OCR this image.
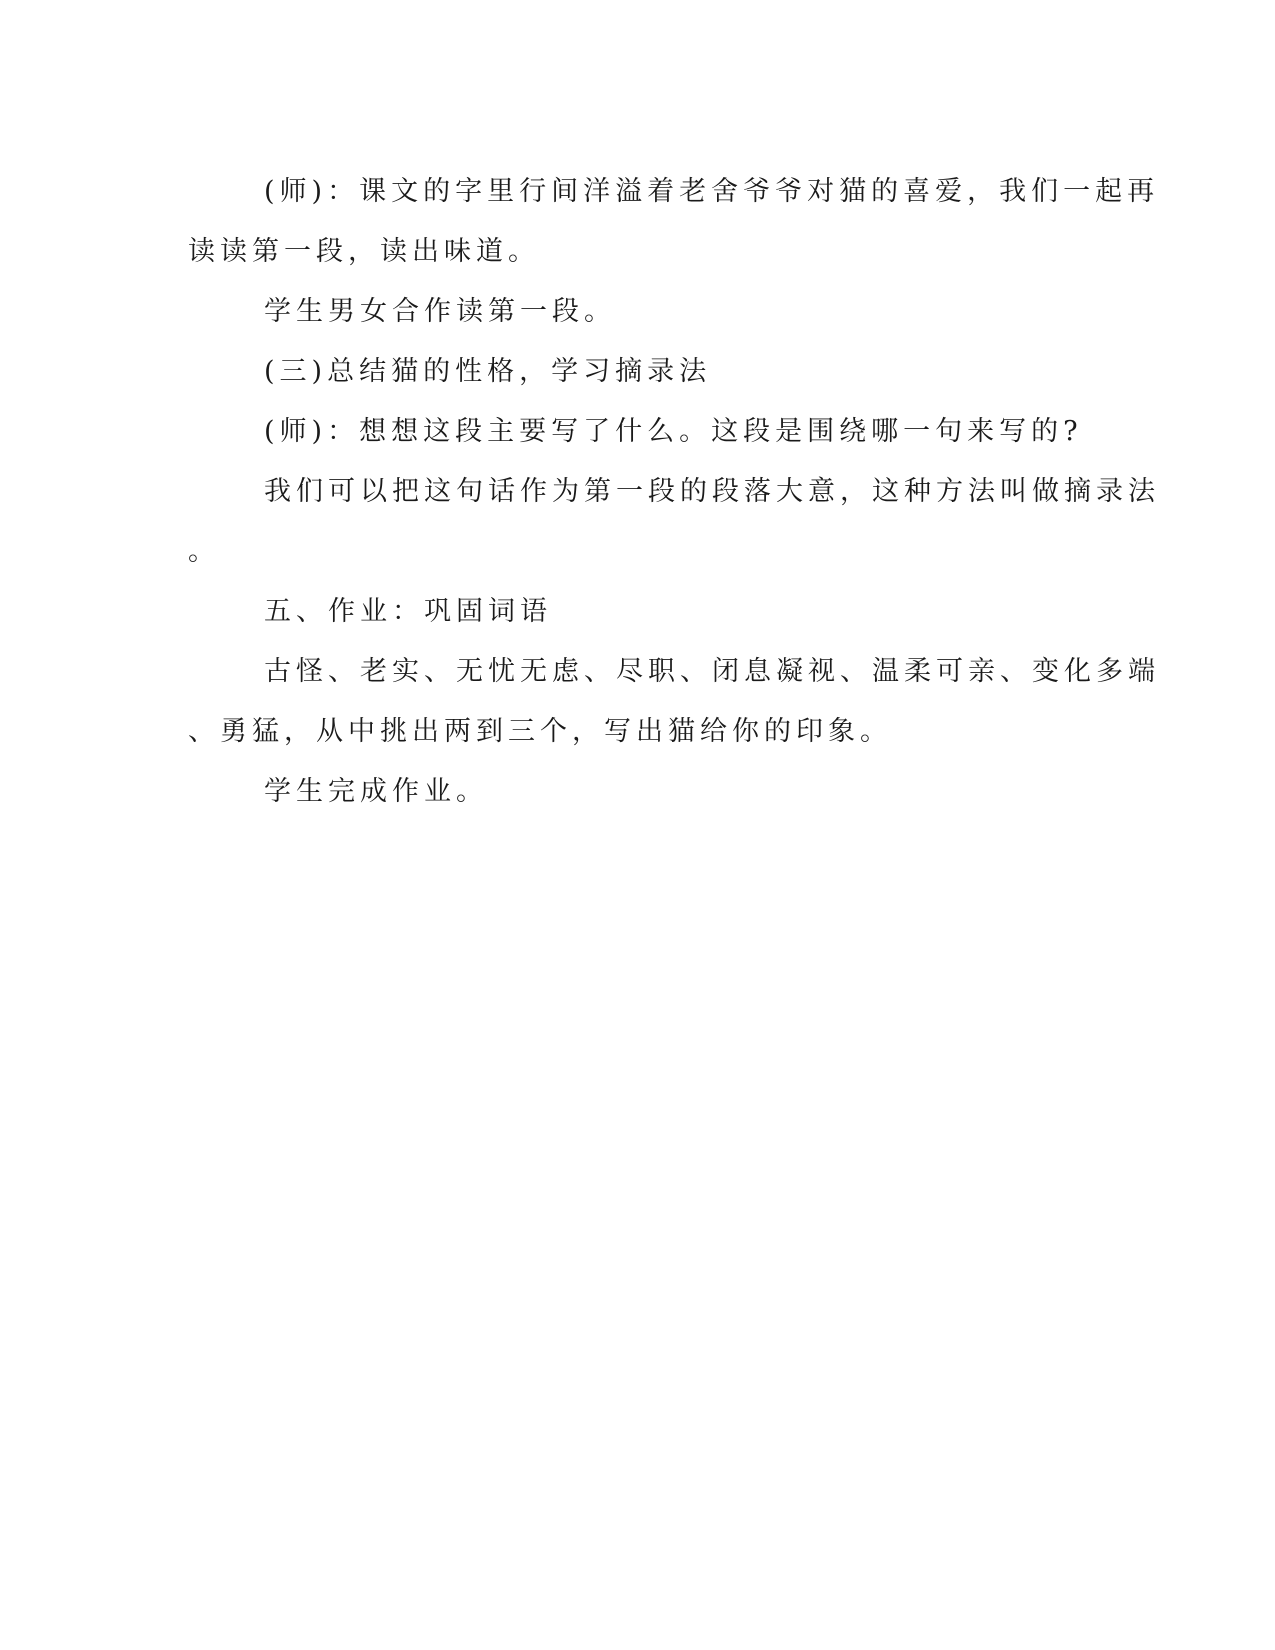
(师)：课文的字里行间洋溢着老舍爷爷对猫的喜爱，我们一起再

读读第一段，读出味道。

学生男女合作读第一段。

(三)总结猫的性格，学习摘录法

(师)：想想这段主要写了什么。这段是围绕哪一句来写的?

我们可以把这句话作为第一段的段落大意，这种方法叫做摘录法

。

五、作业：巩固词语

古怪、老实、无忧无虑、尽职、闭息凝视、温柔可亲、变化多端

、勇猛，从中挑出两到三个，写出猫给你的印象。

学生完成作业。
